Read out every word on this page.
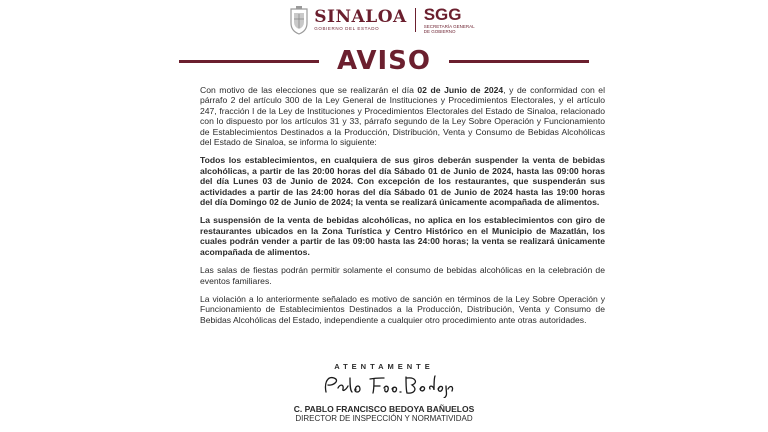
SINALOA
GOBIERNO DEL ESTADO
SGG
SECRETARÍA GENERAL DE GOBIERNO
AVISO

Con motivo de las elecciones que se realizarán el día 02 de Junio de 2024, y de conformidad con el párrafo 2 del artículo 300 de la Ley General de Instituciones y Procedimientos Electorales, y el artículo 247, fracción I de la Ley de Instituciones y Procedimientos Electorales del Estado de Sinaloa, relacionado con lo dispuesto por los artículos 31 y 33, párrafo segundo de la Ley Sobre Operación y Funcionamiento de Establecimientos Destinados a la Producción, Distribución, Venta y Consumo de Bebidas Alcohólicas del Estado de Sinaloa, se informa lo siguiente:

Todos los establecimientos, en cualquiera de sus giros deberán suspender la venta de bebidas alcohólicas, a partir de las 20:00 horas del día Sábado 01 de Junio de 2024, hasta las 09:00 horas del día Lunes 03 de Junio de 2024. Con excepción de los restaurantes, que suspenderán sus actividades a partir de las 24:00 horas del día Sábado 01 de Junio de 2024 hasta las 19:00 horas del día Domingo 02 de Junio de 2024; la venta se realizará únicamente acompañada de alimentos.

La suspensión de la venta de bebidas alcohólicas, no aplica en los establecimientos con giro de restaurantes ubicados en la Zona Turística y Centro Histórico en el Municipio de Mazatlán, los cuales podrán vender a partir de las 09:00 hasta las 24:00 horas; la venta se realizará únicamente acompañada de alimentos.

Las salas de fiestas podrán permitir solamente el consumo de bebidas alcohólicas en la celebración de eventos familiares.

La violación a lo anteriormente señalado es motivo de sanción en términos de la Ley Sobre Operación y Funcionamiento de Establecimientos Destinados a la Producción, Distribución, Venta y Consumo de Bebidas Alcohólicas del Estado, independiente a cualquier otro procedimiento ante otras autoridades.

ATENTAMENTE
C. PABLO FRANCISCO BEDOYA BAÑUELOS
DIRECTOR DE INSPECCIÓN Y NORMATIVIDAD
